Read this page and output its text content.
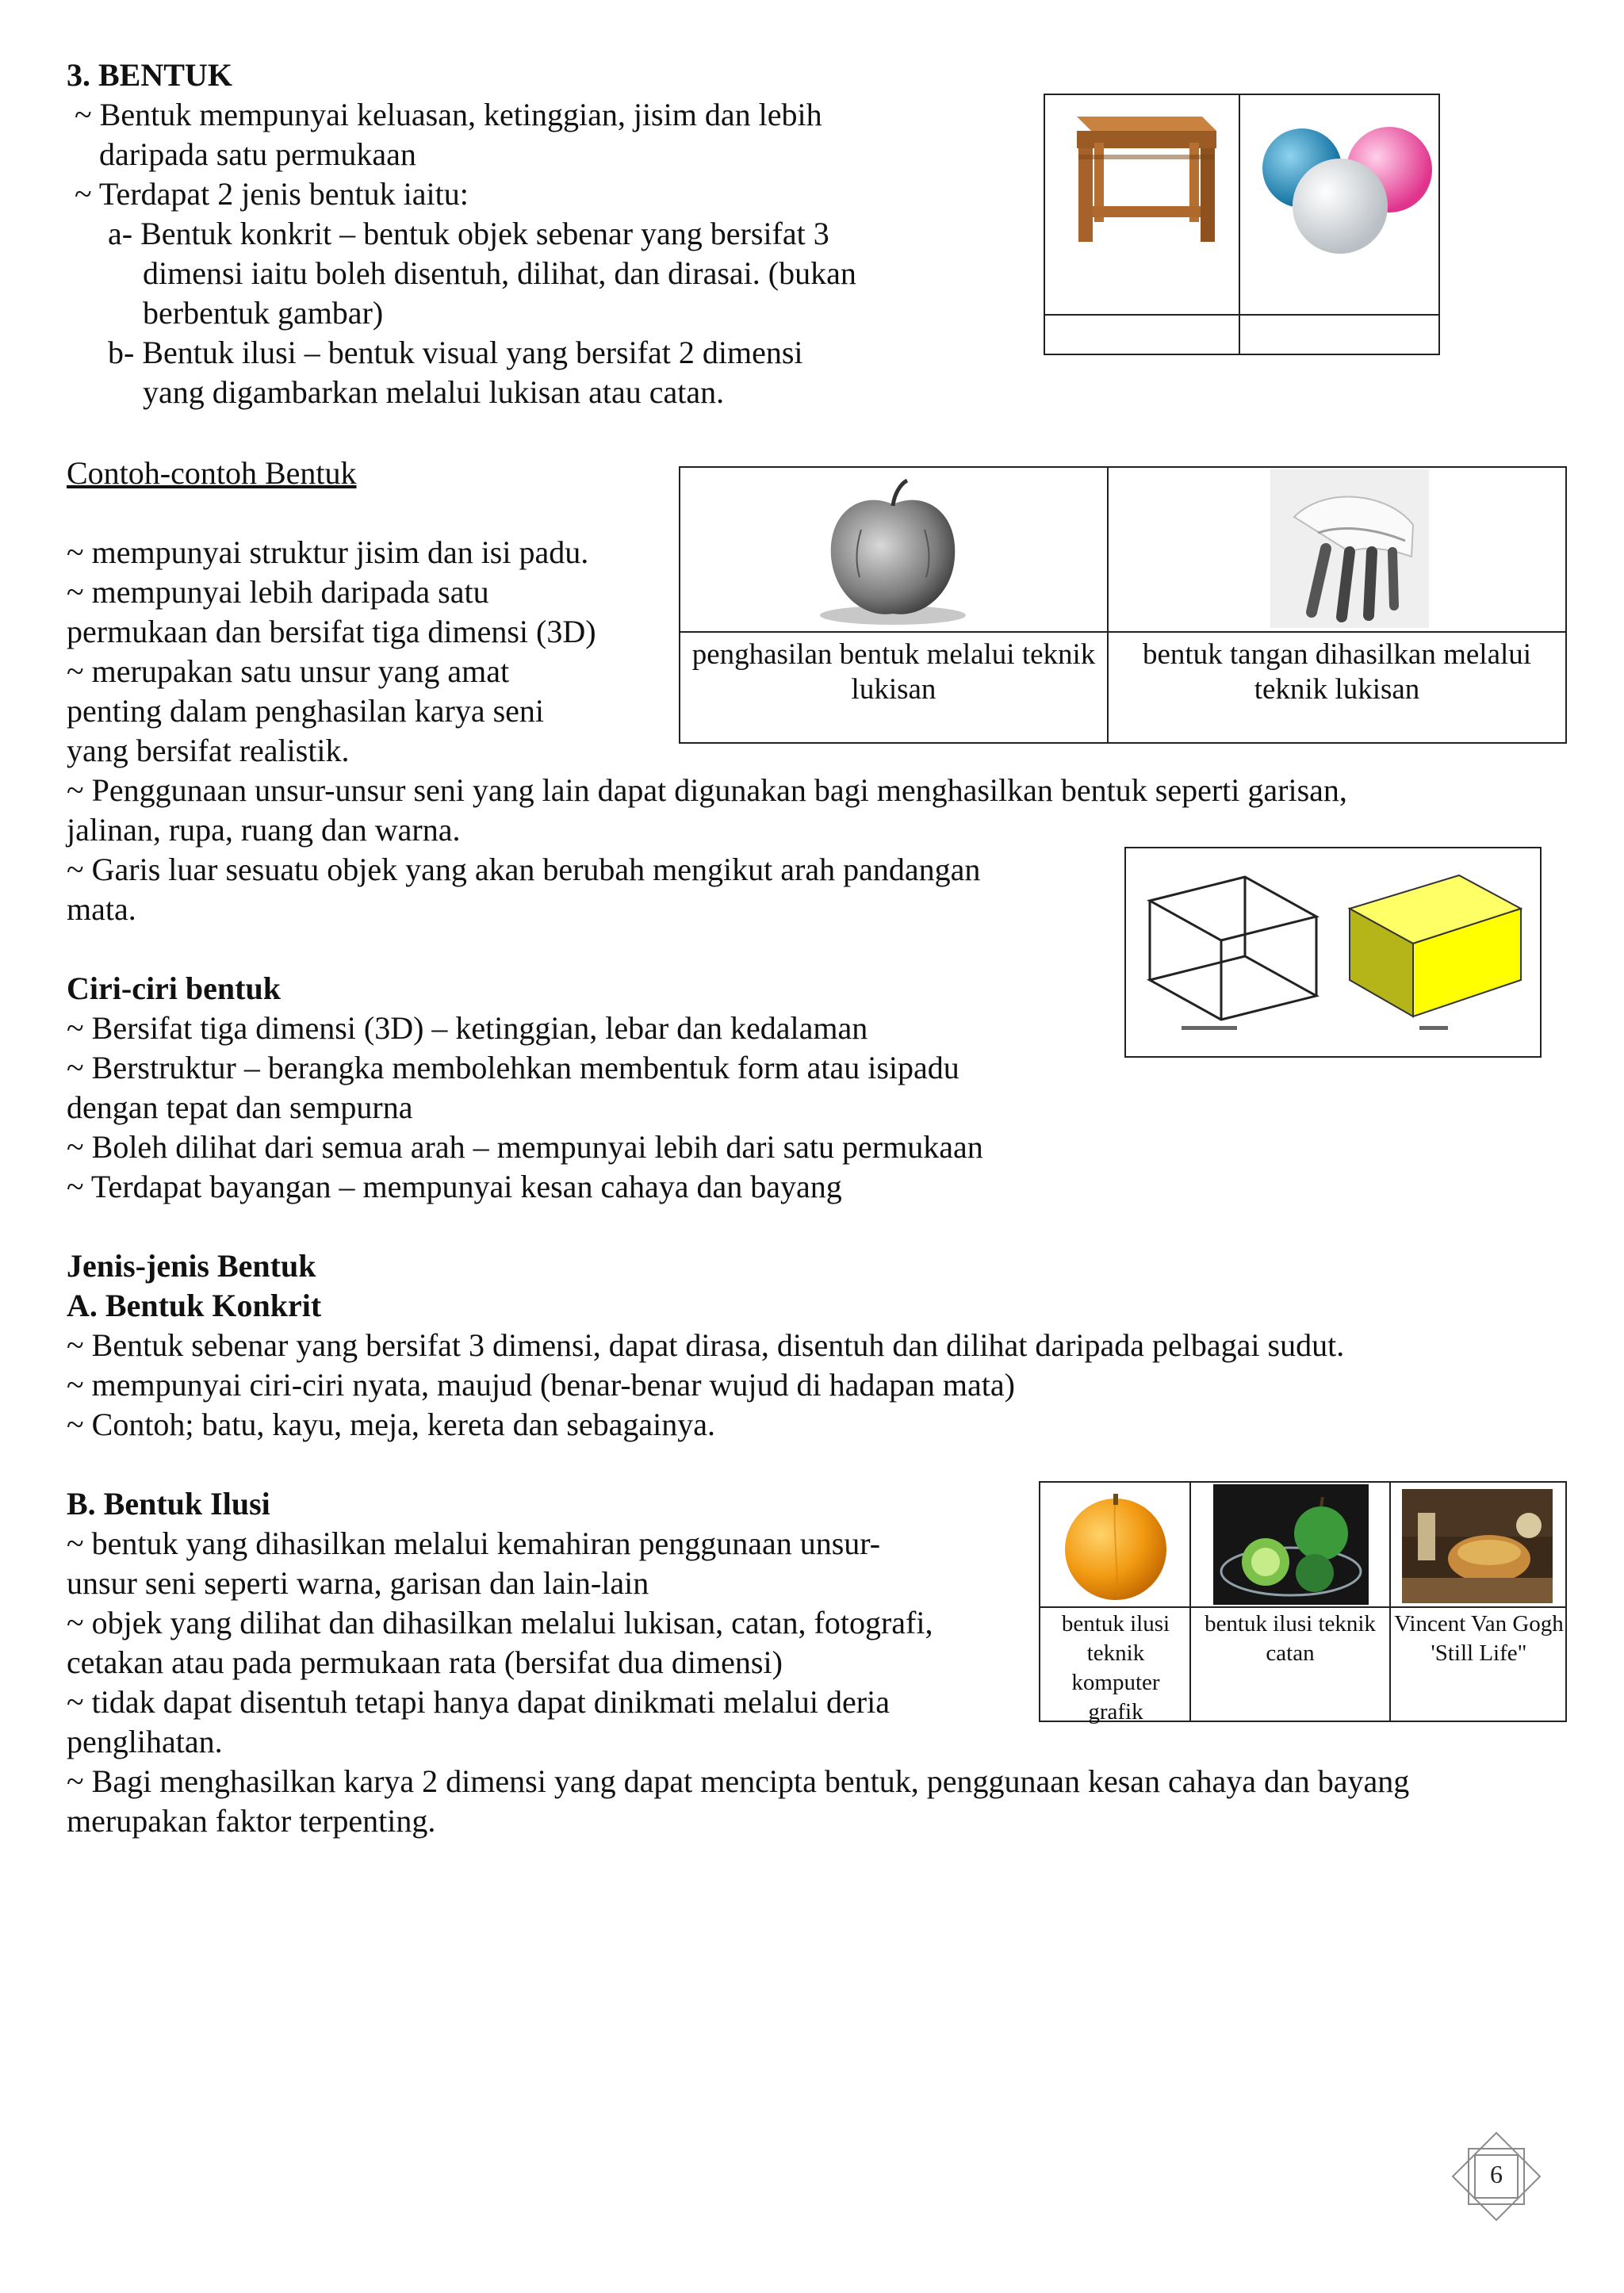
3. BENTUK
~ Bentuk mempunyai keluasan, ketinggian, jisim dan lebih
daripada satu permukaan
~ Terdapat 2 jenis bentuk iaitu:
a- Bentuk konkrit – bentuk objek sebenar yang bersifat 3
dimensi iaitu boleh disentuh, dilihat, dan dirasai. (bukan
berbentuk gambar)
b- Bentuk ilusi – bentuk visual yang bersifat 2 dimensi
yang digambarkan melalui lukisan atau catan.
Contoh-contoh Bentuk
~ mempunyai struktur jisim dan isi padu.
~ mempunyai lebih daripada satu
permukaan dan bersifat tiga dimensi (3D)
~ merupakan satu unsur yang amat
penting dalam penghasilan karya seni
yang bersifat realistik.
~ Penggunaan unsur-unsur seni yang lain dapat digunakan bagi menghasilkan bentuk seperti garisan,
jalinan, rupa, ruang dan warna.
~ Garis luar sesuatu objek yang akan berubah mengikut arah pandangan
mata.
penghasilan bentuk melalui teknik lukisan
bentuk tangan dihasilkan melalui teknik lukisan
Ciri-ciri bentuk
~ Bersifat tiga dimensi (3D) – ketinggian, lebar dan kedalaman
~ Berstruktur – berangka membolehkan membentuk form atau isipadu
dengan tepat dan sempurna
~ Boleh dilihat dari semua arah – mempunyai lebih dari satu permukaan
~ Terdapat bayangan – mempunyai kesan cahaya dan bayang
Jenis-jenis Bentuk
A. Bentuk Konkrit
~ Bentuk sebenar yang bersifat 3 dimensi, dapat dirasa, disentuh dan dilihat daripada pelbagai sudut.
~ mempunyai ciri-ciri nyata, maujud (benar-benar wujud di hadapan mata)
~ Contoh; batu, kayu, meja, kereta dan sebagainya.
B. Bentuk Ilusi
~ bentuk yang dihasilkan melalui kemahiran penggunaan unsur-
unsur seni seperti warna, garisan dan lain-lain
~ objek yang dilihat dan dihasilkan melalui lukisan, catan, fotografi,
cetakan atau pada permukaan rata (bersifat dua dimensi)
~ tidak dapat disentuh tetapi hanya dapat dinikmati melalui deria
penglihatan.
~ Bagi menghasilkan karya 2 dimensi yang dapat mencipta bentuk, penggunaan kesan cahaya dan bayang
merupakan faktor terpenting.
bentuk ilusi teknik komputer grafik
bentuk ilusi teknik catan
Vincent Van Gogh 'Still Life"
6
